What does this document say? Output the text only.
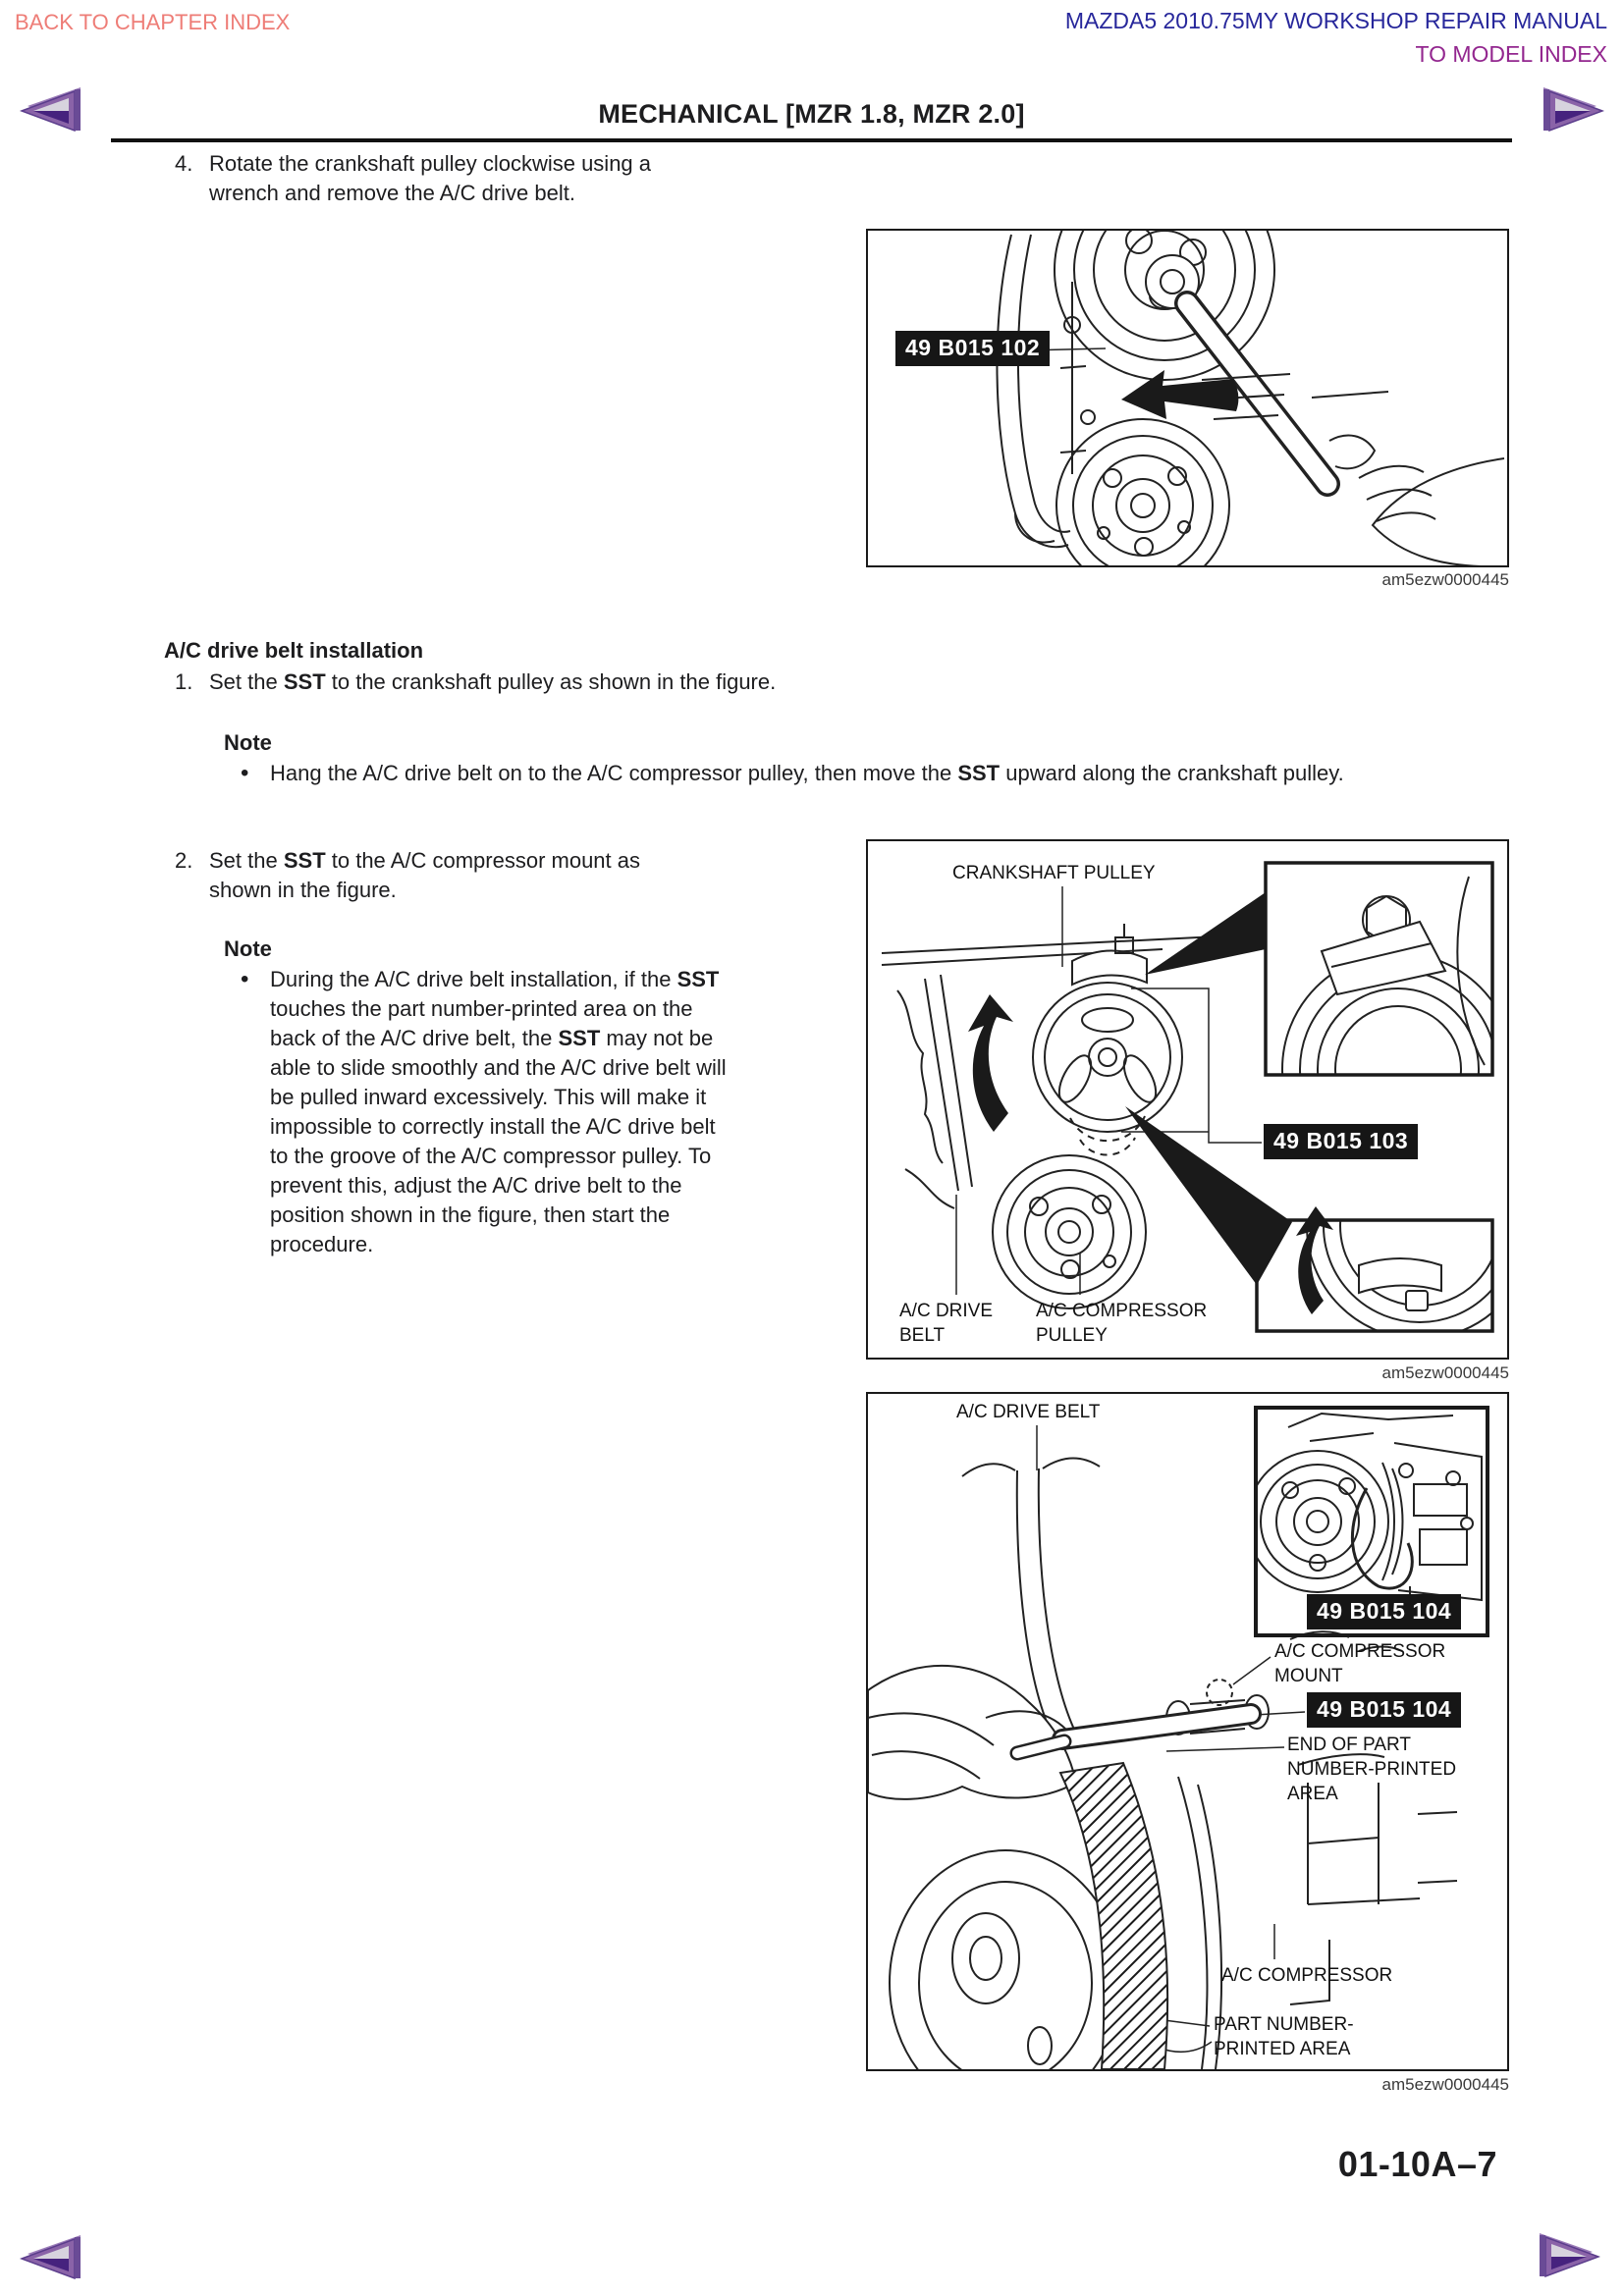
BACK TO CHAPTER INDEX	MAZDA5 2010.75MY WORKSHOP REPAIR MANUAL
TO MODEL INDEX
MECHANICAL [MZR 1.8, MZR 2.0]
4. Rotate the crankshaft pulley clockwise using a wrench and remove the A/C drive belt.
A/C drive belt installation
1. Set the SST to the crankshaft pulley as shown in the figure.
Note
• Hang the A/C drive belt on to the A/C compressor pulley, then move the SST upward along the crankshaft pulley.
2. Set the SST to the A/C compressor mount as shown in the figure.
Note
• During the A/C drive belt installation, if the SST touches the part number-printed area on the back of the A/C drive belt, the SST may not be able to slide smoothly and the A/C drive belt will be pulled inward excessively. This will make it impossible to correctly install the A/C drive belt to the groove of the A/C compressor pulley. To prevent this, adjust the A/C drive belt to the position shown in the figure, then start the procedure.
49 B015 102
am5ezw0000445
CRANKSHAFT PULLEY
49 B015 103
A/C DRIVE BELT
A/C COMPRESSOR PULLEY
am5ezw0000445
A/C DRIVE BELT
49 B015 104
A/C COMPRESSOR MOUNT
49 B015 104
END OF PART NUMBER-PRINTED AREA
A/C COMPRESSOR
PART NUMBER-PRINTED AREA
am5ezw0000445
01-10A–7
